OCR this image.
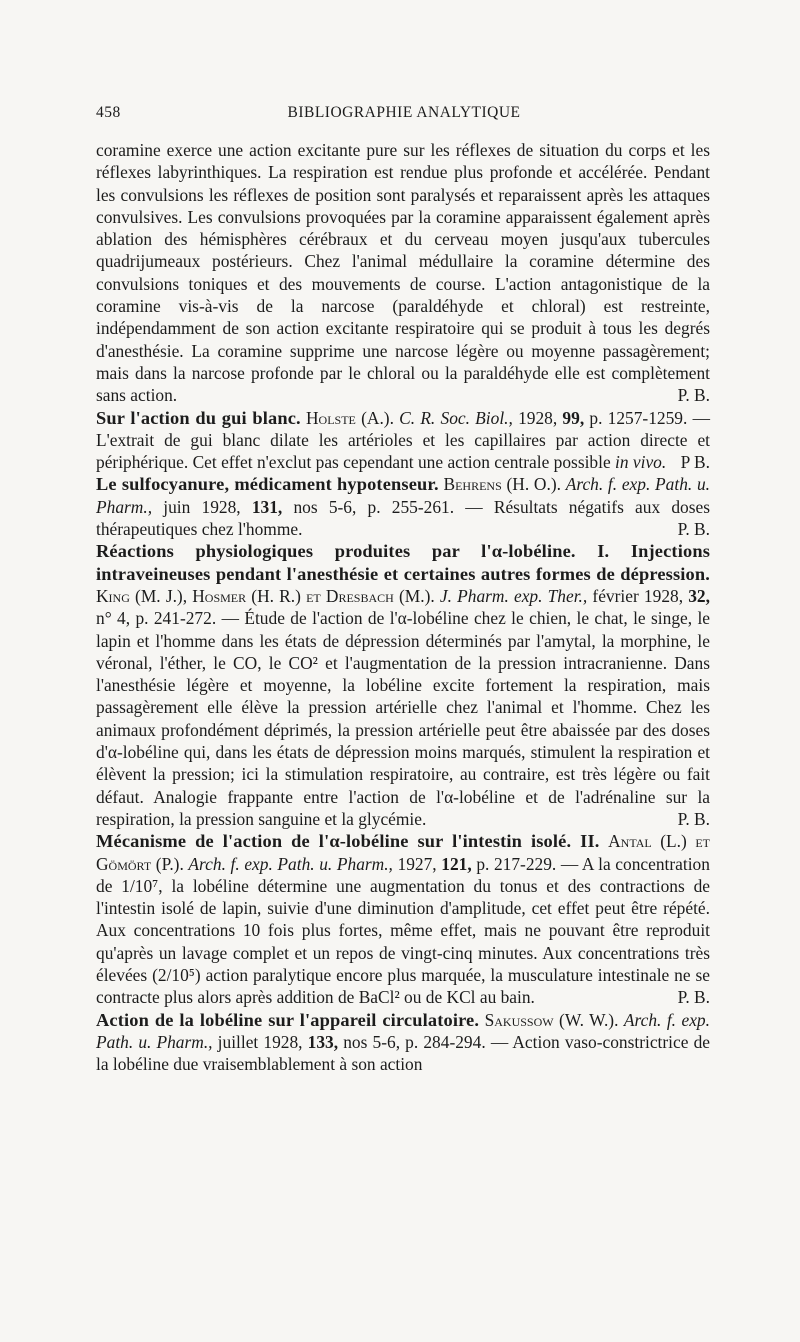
458	BIBLIOGRAPHIE ANALYTIQUE

coramine exerce une action excitante pure sur les réflexes de situation du corps et les réflexes labyrinthiques. La respiration est rendue plus profonde et accélérée. Pendant les convulsions les réflexes de position sont paralysés et reparaissent après les attaques convulsives. Les convulsions provoquées par la coramine apparaissent également après ablation des hémisphères cérébraux et du cerveau moyen jusqu'aux tubercules quadrijumeaux postérieurs. Chez l'animal médullaire la coramine détermine des convulsions toniques et des mouvements de course. L'action antagonistique de la coramine vis-à-vis de la narcose (paraldéhyde et chloral) est restreinte, indépendamment de son action excitante respiratoire qui se produit à tous les degrés d'anesthésie. La coramine supprime une narcose légère ou moyenne passagèrement; mais dans la narcose profonde par le chloral ou la paraldéhyde elle est complètement sans action.	P. B.

Sur l'action du gui blanc. Holste (A.). C. R. Soc. Biol., 1928, 99, p. 1257-1259. — L'extrait de gui blanc dilate les artérioles et les capillaires par action directe et périphérique. Cet effet n'exclut pas cependant une action centrale possible in vivo. P B.

Le sulfocyanure, médicament hypotenseur. Behrens (H. O.). Arch. f. exp. Path. u. Pharm., juin 1928, 131, nos 5-6, p. 255-261. — Résultats négatifs aux doses thérapeutiques chez l'homme.	P. B.

Réactions physiologiques produites par l'α-lobéline. I. Injections intraveineuses pendant l'anesthésie et certaines autres formes de dépression. King (M. J.), Hosmer (H. R.) et Dresbach (M.). J. Pharm. exp. Ther., février 1928, 32, n° 4, p. 241-272. — Étude de l'action de l'α-lobéline chez le chien, le chat, le singe, le lapin et l'homme dans les états de dépression déterminés par l'amytal, la morphine, le véronal, l'éther, le CO, le CO² et l'augmentation de la pression intracranienne. Dans l'anesthésie légère et moyenne, la lobéline excite fortement la respiration, mais passagèrement elle élève la pression artérielle chez l'animal et l'homme. Chez les animaux profondément déprimés, la pression artérielle peut être abaissée par des doses d'α-lobéline qui, dans les états de dépression moins marqués, stimulent la respiration et élèvent la pression; ici la stimulation respiratoire, au contraire, est très légère ou fait défaut. Analogie frappante entre l'action de l'α-lobéline et de l'adrénaline sur la respiration, la pression sanguine et la glycémie.	P. B.

Mécanisme de l'action de l'α-lobéline sur l'intestin isolé. II. Antal (L.) et Gömört (P.). Arch. f. exp. Path. u. Pharm., 1927, 121, p. 217-229. — A la concentration de 1/10⁷, la lobéline détermine une augmentation du tonus et des contractions de l'intestin isolé de lapin, suivie d'une diminution d'amplitude, cet effet peut être répété. Aux concentrations 10 fois plus fortes, même effet, mais ne pouvant être reproduit qu'après un lavage complet et un repos de vingt-cinq minutes. Aux concentrations très élevées (2/10⁵) action paralytique encore plus marquée, la musculature intestinale ne se contracte plus alors après addition de BaCl² ou de KCl au bain.	P. B.

Action de la lobéline sur l'appareil circulatoire. Sakussow (W. W.). Arch. f. exp. Path. u. Pharm., juillet 1928, 133, nos 5-6, p. 284-294. — Action vaso-constrictrice de la lobéline due vraisemblablement à son action
